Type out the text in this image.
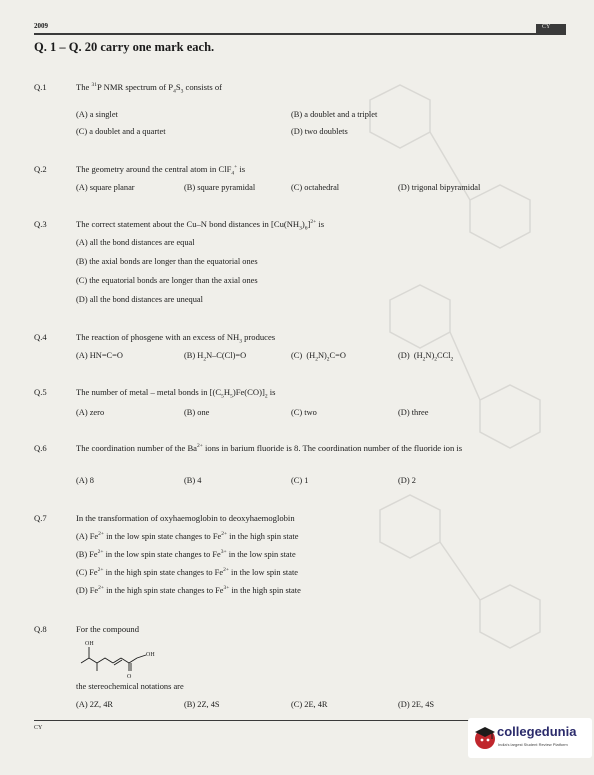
2009	CY
Q. 1 – Q. 20 carry one mark each.
Q.1	The $^{31}$P NMR spectrum of $P_4S_3$ consists of
(A) a singlet	(B) a doublet and a triplet
(C) a doublet and a quartet	(D) two doublets
Q.2	The geometry around the central atom in ClF$_4$+ is
(A) square planar	(B) square pyramidal	(C) octahedral	(D) trigonal bipyramidal
Q.3	The correct statement about the Cu–N bond distances in $[Cu(NH_3)_6]^{2+}$ is
(A) all the bond distances are equal
(B) the axial bonds are longer than the equatorial ones
(C) the equatorial bonds are longer than the axial ones
(D) all the bond distances are unequal
Q.4	The reaction of phosgene with an excess of $NH_3$ produces
(A) HN=C=O	(B) $H_2N-C(Cl)=O$	(C)  $(H_2N)_2C=O$	(D)  $(H_2N)_2CCl_2$
Q.5	The number of metal – metal bonds in $[(C_5H_5)Fe(CO)]_2$ is
(A) zero	(B) one	(C) two	(D) three
Q.6	The coordination number of the $Ba^{2+}$ ions in barium fluoride is 8. The coordination number of the fluoride ion is
(A) 8	(B) 4	(C) 1	(D) 2
Q.7	In the transformation of oxyhaemoglobin to deoxyhaemoglobin
(A) $Fe^{2+}$ in the low spin state changes to $Fe^{2+}$ in the high spin state
(B) $Fe^{2+}$ in the low spin state changes to $Fe^{3+}$ in the low spin state
(C) $Fe^{2+}$ in the high spin state changes to $Fe^{2+}$ in the low spin state
(D) $Fe^{2+}$ in the high spin state changes to $Fe^{3+}$ in the high spin state
Q.8	For the compound
the stereochemical notations are
(A) 2Z, 4R	(B) 2Z, 4S	(C) 2E, 4R	(D) 2E, 4S
OH
OH
O
CY	collegedunia
India's largest Student Review Platform
